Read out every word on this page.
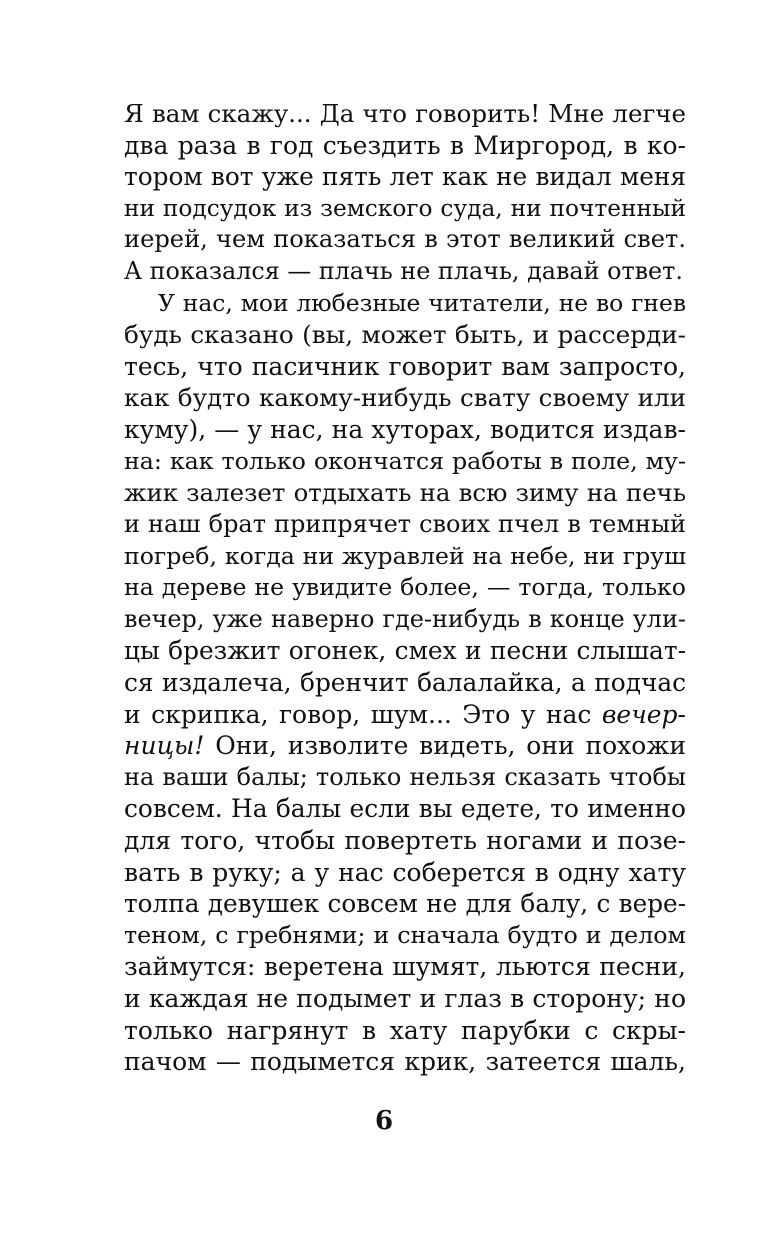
Я вам скажу... Да что говорить! Мне легче
два раза в год съездить в Миргород, в ко-
тором вот уже пять лет как не видал меня
ни подсудок из земского суда, ни почтенный
иерей, чем показаться в этот великий свет.
А показался — плачь не плачь, давай ответ.
У нас, мои любезные читатели, не во гнев
будь сказано (вы, может быть, и рассерди-
тесь, что пасичник говорит вам запросто,
как будто какому-нибудь свату своему или
куму), — у нас, на хуторах, водится издав-
на: как только окончатся работы в поле, му-
жик залезет отдыхать на всю зиму на печь
и наш брат припрячет своих пчел в темный
погреб, когда ни журавлей на небе, ни груш
на дереве не увидите более, — тогда, только
вечер, уже наверно где-нибудь в конце ули-
цы брезжит огонек, смех и песни слышат-
ся издалеча, бренчит балалайка, а подчас
и скрипка, говор, шум... Это у нас вечер-
ницы! Они, изволите видеть, они похожи
на ваши балы; только нельзя сказать чтобы
совсем. На балы если вы едете, то именно
для того, чтобы повертеть ногами и позе-
вать в руку; а у нас соберется в одну хату
толпа девушек совсем не для балу, с вере-
теном, с гребнями; и сначала будто и делом
займутся: веретена шумят, льются песни,
и каждая не подымет и глаз в сторону; но
только нагрянут в хату парубки с скры-
пачом — подымется крик, затеется шаль,
6
